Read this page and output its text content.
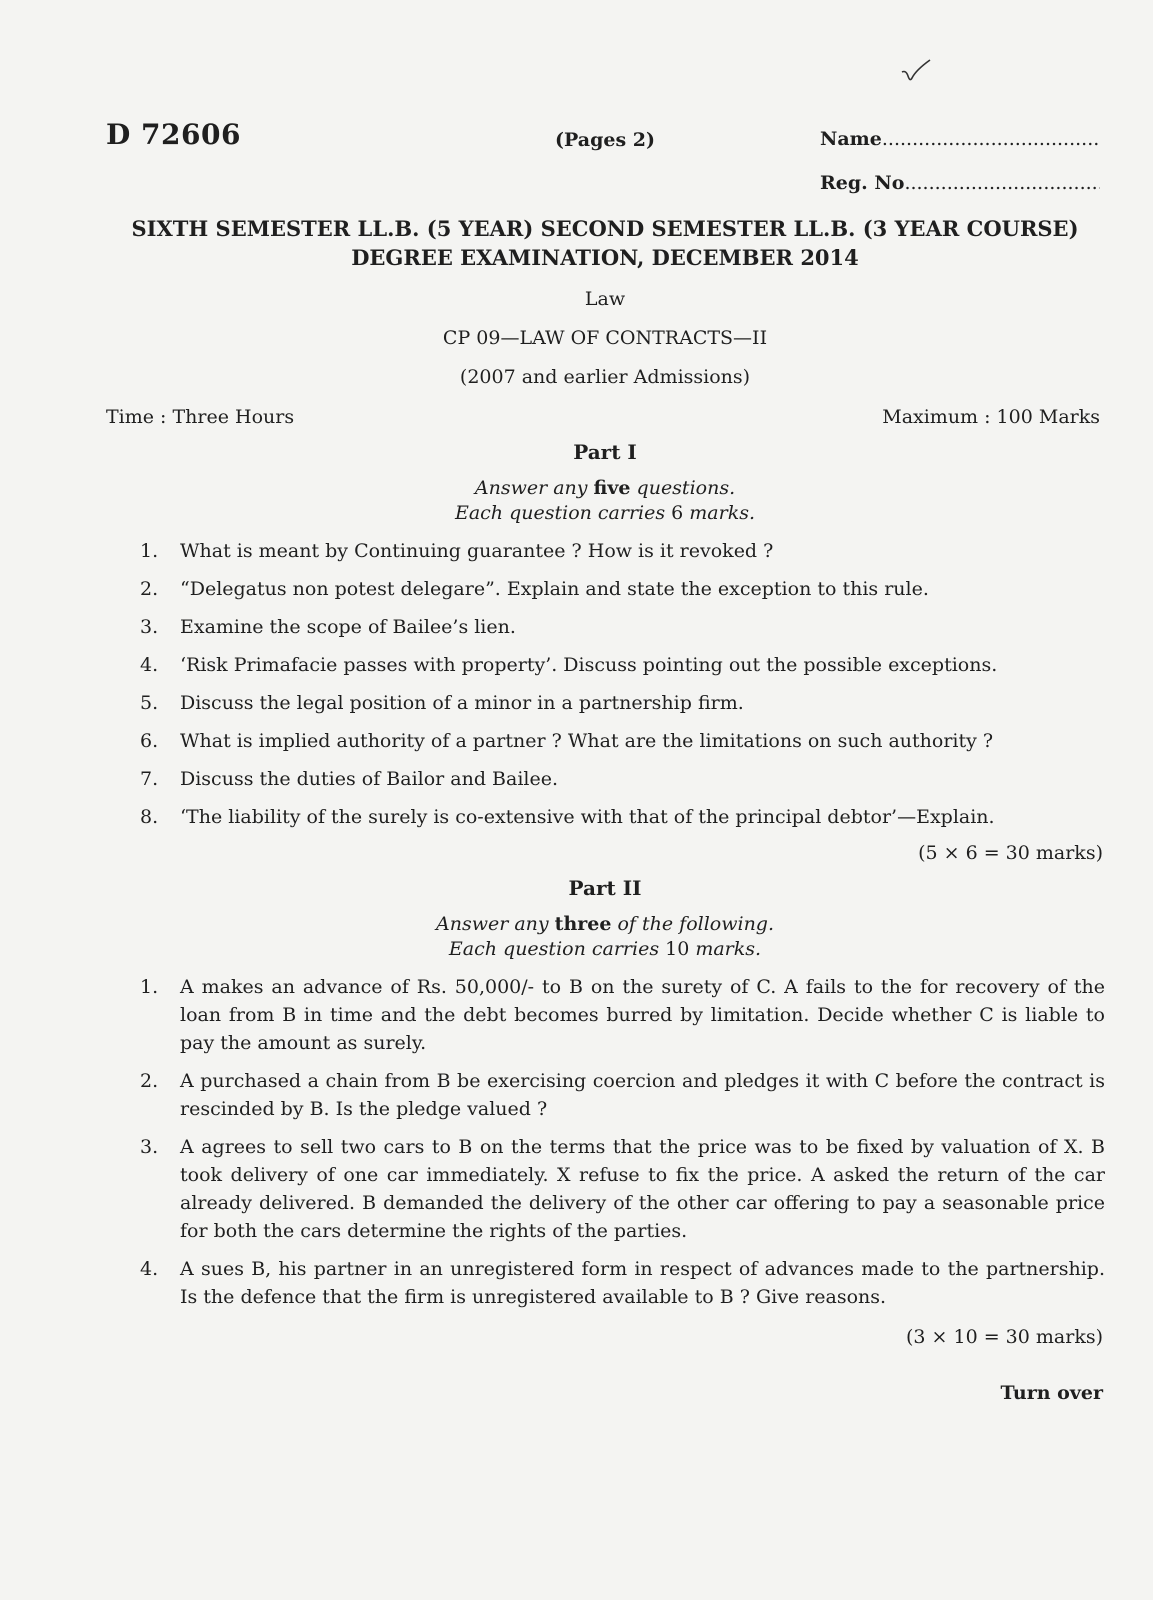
D 72606	(Pages 2)	Name .....
Reg. No .....
SIXTH SEMESTER LL.B. (5 YEAR) SECOND SEMESTER LL.B. (3 YEAR COURSE) DEGREE EXAMINATION, DECEMBER 2014
Law
CP 09—LAW OF CONTRACTS—II
(2007 and earlier Admissions)
Time : Three Hours	Maximum : 100 Marks
Part I
Answer any five questions.
Each question carries 6 marks.
1.	What is meant by Continuing guarantee ? How is it revoked ?
2.	“Delegatus non potest delegare”. Explain and state the exception to this rule.
3.	Examine the scope of Bailee’s lien.
4.	‘Risk Primafacie passes with property’. Discuss pointing out the possible exceptions.
5.	Discuss the legal position of a minor in a partnership firm.
6.	What is implied authority of a partner ? What are the limitations on such authority ?
7.	Discuss the duties of Bailor and Bailee.
8.	‘The liability of the surely is co-extensive with that of the principal debtor’—Explain.
(5 × 6 = 30 marks)
Part II
Answer any three of the following.
Each question carries 10 marks.
1.	A makes an advance of Rs. 50,000/- to B on the surety of C. A fails to the for recovery of the loan from B in time and the debt becomes burred by limitation. Decide whether C is liable to pay the amount as surely.
2.	A purchased a chain from B be exercising coercion and pledges it with C before the contract is rescinded by B. Is the pledge valued ?
3.	A agrees to sell two cars to B on the terms that the price was to be fixed by valuation of X. B took delivery of one car immediately. X refuse to fix the price. A asked the return of the car already delivered. B demanded the delivery of the other car offering to pay a seasonable price for both the cars determine the rights of the parties.
4.	A sues B, his partner in an unregistered form in respect of advances made to the partnership. Is the defence that the firm is unregistered available to B ? Give reasons.
(3 × 10 = 30 marks)
Turn over
